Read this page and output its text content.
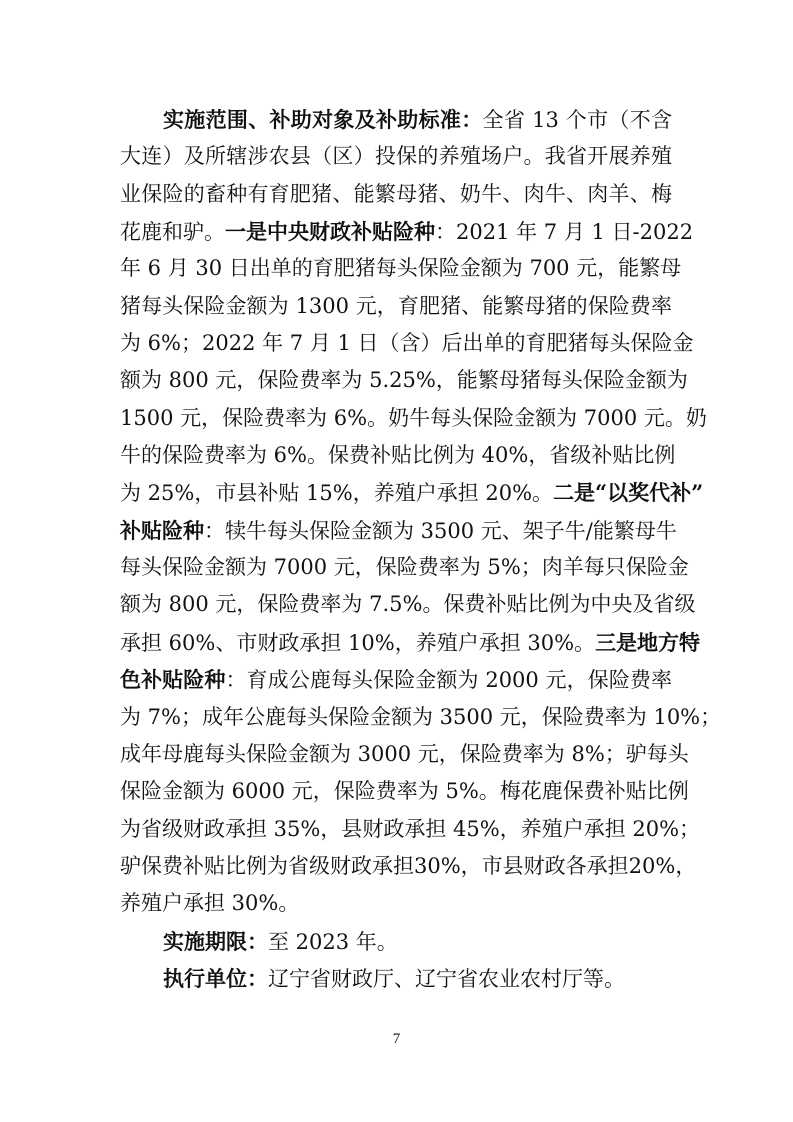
实施范围、补助对象及补助标准：全省 13 个市（不含
大连）及所辖涉农县（区）投保的养殖场户。我省开展养殖
业保险的畜种有育肥猪、能繁母猪、奶牛、肉牛、肉羊、梅
花鹿和驴。一是中央财政补贴险种：2021 年 7 月 1 日-2022
年 6 月 30 日出单的育肥猪每头保险金额为 700 元，能繁母
猪每头保险金额为 1300 元，育肥猪、能繁母猪的保险费率
为 6%；2022 年 7 月 1 日（含）后出单的育肥猪每头保险金
额为 800 元，保险费率为 5.25%，能繁母猪每头保险金额为
1500 元，保险费率为 6%。奶牛每头保险金额为 7000 元。奶
牛的保险费率为 6%。保费补贴比例为 40%，省级补贴比例
为 25%，市县补贴 15%，养殖户承担 20%。二是“以奖代补”
补贴险种：犊牛每头保险金额为 3500 元、架子牛/能繁母牛
每头保险金额为 7000 元，保险费率为 5%；肉羊每只保险金
额为 800 元，保险费率为 7.5%。保费补贴比例为中央及省级
承担 60%、市财政承担 10%，养殖户承担 30%。三是地方特
色补贴险种：育成公鹿每头保险金额为 2000 元，保险费率
为 7%；成年公鹿每头保险金额为 3500 元，保险费率为 10%；
成年母鹿每头保险金额为 3000 元，保险费率为 8%；驴每头
保险金额为 6000 元，保险费率为 5%。梅花鹿保费补贴比例
为省级财政承担 35%，县财政承担 45%，养殖户承担 20%；
驴保费补贴比例为省级财政承担30%，市县财政各承担20%，
养殖户承担 30%。
实施期限：至 2023 年。
执行单位：辽宁省财政厅、辽宁省农业农村厅等。
7
